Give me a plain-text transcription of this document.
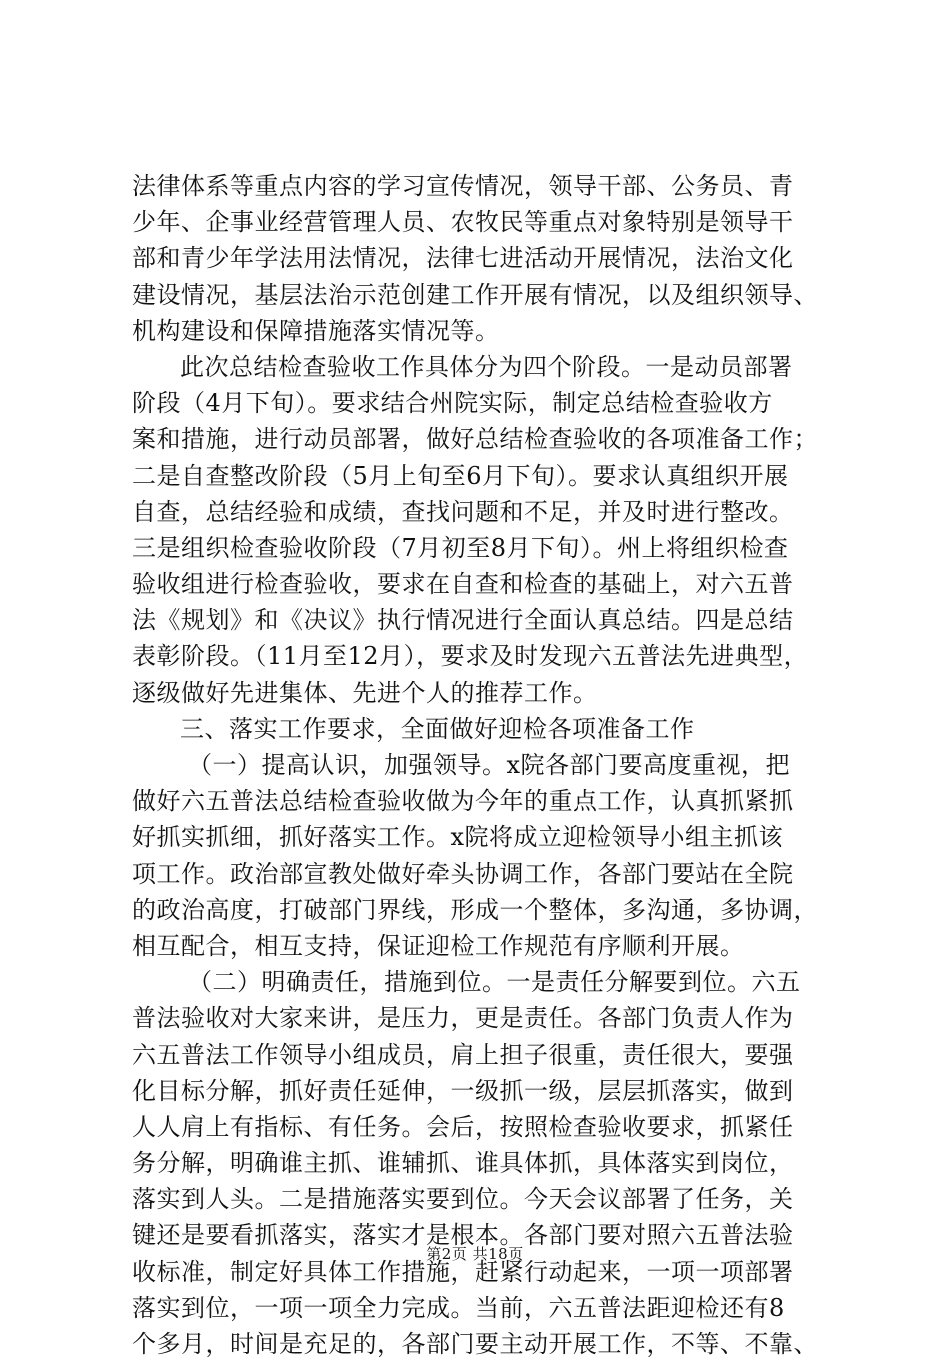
法律体系等重点内容的学习宣传情况，领导干部、公务员、青
少年、企事业经营管理人员、农牧民等重点对象特别是领导干
部和青少年学法用法情况，法律七进活动开展情况，法治文化
建设情况，基层法治示范创建工作开展有情况，以及组织领导、
机构建设和保障措施落实情况等。
此次总结检查验收工作具体分为四个阶段。一是动员部署
阶段（4月下旬）。要求结合州院实际，制定总结检查验收方
案和措施，进行动员部署，做好总结检查验收的各项准备工作；
二是自查整改阶段（5月上旬至6月下旬）。要求认真组织开展
自查，总结经验和成绩，查找问题和不足，并及时进行整改。
三是组织检查验收阶段（7月初至8月下旬）。州上将组织检查
验收组进行检查验收，要求在自查和检查的基础上，对六五普
法《规划》和《决议》执行情况进行全面认真总结。四是总结
表彰阶段。（11月至12月），要求及时发现六五普法先进典型，
逐级做好先进集体、先进个人的推荐工作。
三、落实工作要求，全面做好迎检各项准备工作
（一）提高认识，加强领导。x院各部门要高度重视，把
做好六五普法总结检查验收做为今年的重点工作，认真抓紧抓
好抓实抓细，抓好落实工作。x院将成立迎检领导小组主抓该
项工作。政治部宣教处做好牵头协调工作，各部门要站在全院
的政治高度，打破部门界线，形成一个整体，多沟通，多协调，
相互配合，相互支持，保证迎检工作规范有序顺利开展。
（二）明确责任，措施到位。一是责任分解要到位。六五
普法验收对大家来讲，是压力，更是责任。各部门负责人作为
六五普法工作领导小组成员，肩上担子很重，责任很大，要强
化目标分解，抓好责任延伸，一级抓一级，层层抓落实，做到
人人肩上有指标、有任务。会后，按照检查验收要求，抓紧任
务分解，明确谁主抓、谁辅抓、谁具体抓，具体落实到岗位，
落实到人头。二是措施落实要到位。今天会议部署了任务，关
键还是要看抓落实，落实才是根本。各部门要对照六五普法验
收标准，制定好具体工作措施，赶紧行动起来，一项一项部署
落实到位，一项一项全力完成。当前，六五普法距迎检还有8
个多月，时间是充足的，各部门要主动开展工作，不等、不靠、
第2页 共18页
